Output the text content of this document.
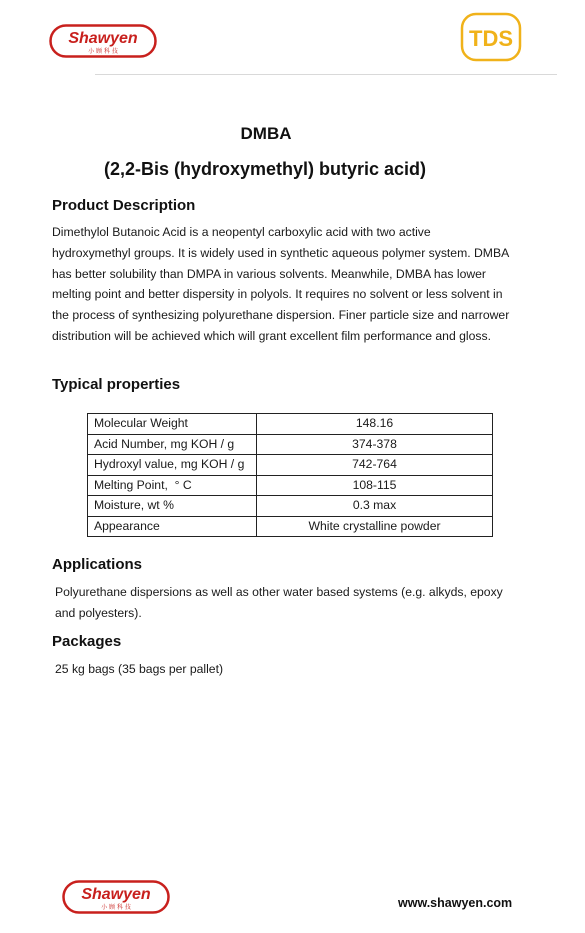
Shawyen
小 顾 科 技
TDS
DMBA
(2,2-Bis (hydroxymethyl) butyric acid)
Product Description
Dimethylol Butanoic Acid is a neopentyl carboxylic acid with two active
hydroxymethyl groups. It is widely used in synthetic aqueous polymer system. DMBA
has better solubility than DMPA in various solvents. Meanwhile, DMBA has lower
melting point and better dispersity in polyols. It requires no solvent or less solvent in
the process of synthesizing polyurethane dispersion. Finer particle size and narrower
distribution will be achieved which will grant excellent film performance and gloss.
Typical properties
Molecular Weight	148.16
Acid Number, mg KOH / g	374-378
Hydroxyl value, mg KOH / g	742-764
Melting Point,  ° C	108-115
Moisture, wt %	0.3 max
Appearance	White crystalline powder
Applications
Polyurethane dispersions as well as other water based systems (e.g. alkyds, epoxy
and polyesters).
Packages
25 kg bags (35 bags per pallet)
Shawyen
小 顾 科 技	www.shawyen.com
